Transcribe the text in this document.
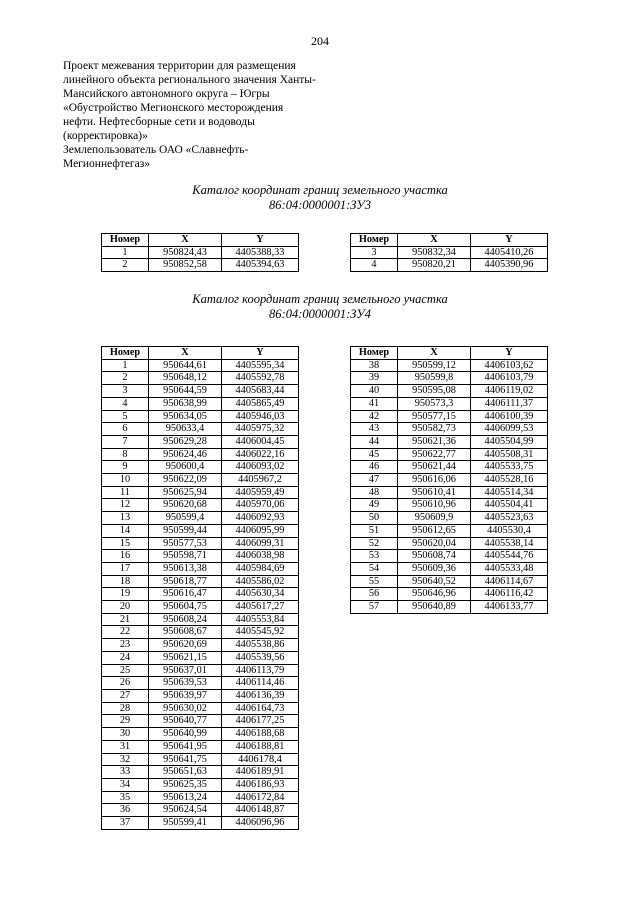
204
Проект межевания территории для размещения
линейного объекта регионального значения Ханты-
Мансийского автономного округа – Югры
«Обустройство Мегионского месторождения
нефти. Нефтесборные сети и водоводы
(корректировка)»
Землепользователь ОАО «Славнефть-
Мегионнефтегаз»
Каталог координат границ земельного участка
86:04:0000001:ЗУ3
Номер	X	Y
1	950824,43	4405388,33
2	950852,58	4405394,63
Номер	X	Y
3	950832,34	4405410,26
4	950820,21	4405390,96
Каталог координат границ земельного участка
86:04:0000001:ЗУ4
Номер	X	Y
1	950644,61	4405595,34
2	950648,12	4405592,78
3	950644,59	4405683,44
4	950638,99	4405865,49
5	950634,05	4405946,03
6	950633,4	4405975,32
7	950629,28	4406004,45
8	950624,46	4406022,16
9	950600,4	4406093,02
10	950622,09	4405967,2
11	950625,94	4405959,49
12	950620,68	4405970,06
13	950599,4	4406092,93
14	950599,44	4406095,99
15	950577,53	4406099,31
16	950598,71	4406038,98
17	950613,38	4405984,69
18	950618,77	4405586,02
19	950616,47	4405630,34
20	950604,75	4405617,27
21	950608,24	4405553,84
22	950608,67	4405545,92
23	950620,69	4405538,86
24	950621,15	4405539,56
25	950637,01	4406113,79
26	950639,53	4406114,46
27	950639,97	4406136,39
28	950630,02	4406164,73
29	950640,77	4406177,25
30	950640,99	4406188,68
31	950641,95	4406188,81
32	950641,75	4406178,4
33	950651,63	4406189,91
34	950625,35	4406186,93
35	950613,24	4406172,84
36	950624,54	4406148,87
37	950599,41	4406096,96
Номер	X	Y
38	950599,12	4406103,62
39	950599,8	4406103,79
40	950595,08	4406119,02
41	950573,3	4406111,37
42	950577,15	4406100,39
43	950582,73	4406099,53
44	950621,36	4405504,99
45	950622,77	4405508,31
46	950621,44	4405533,75
47	950616,06	4405528,16
48	950610,41	4405514,34
49	950610,96	4405504,41
50	950609,9	4405523,63
51	950612,65	4405530,4
52	950620,04	4405538,14
53	950608,74	4405544,76
54	950609,36	4405533,48
55	950640,52	4406114,67
56	950646,96	4406116,42
57	950640,89	4406133,77
